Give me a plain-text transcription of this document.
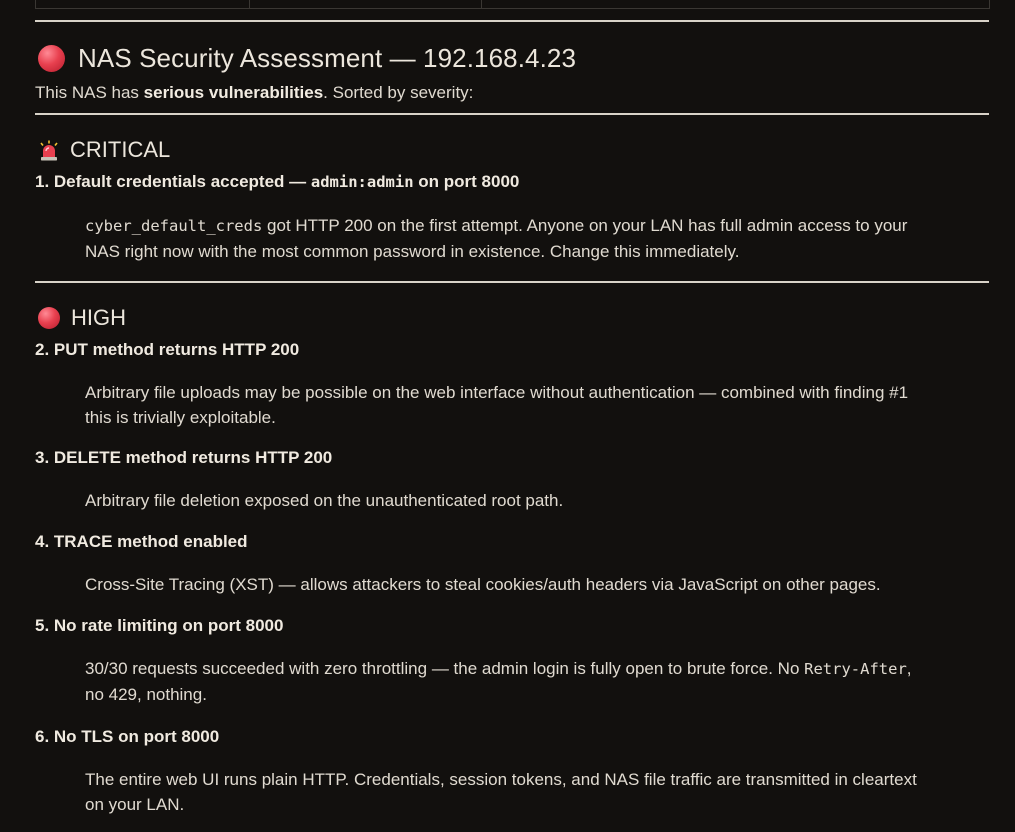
NAS Security Assessment — 192.168.4.23
This NAS has serious vulnerabilities. Sorted by severity:
CRITICAL
1. Default credentials accepted — admin:admin on port 8000
cyber_default_creds got HTTP 200 on the first attempt. Anyone on your LAN has full admin access to your NAS right now with the most common password in existence. Change this immediately.
HIGH
2. PUT method returns HTTP 200
Arbitrary file uploads may be possible on the web interface without authentication — combined with finding #1 this is trivially exploitable.
3. DELETE method returns HTTP 200
Arbitrary file deletion exposed on the unauthenticated root path.
4. TRACE method enabled
Cross-Site Tracing (XST) — allows attackers to steal cookies/auth headers via JavaScript on other pages.
5. No rate limiting on port 8000
30/30 requests succeeded with zero throttling — the admin login is fully open to brute force. No Retry-After, no 429, nothing.
6. No TLS on port 8000
The entire web UI runs plain HTTP. Credentials, session tokens, and NAS file traffic are transmitted in cleartext on your LAN.
